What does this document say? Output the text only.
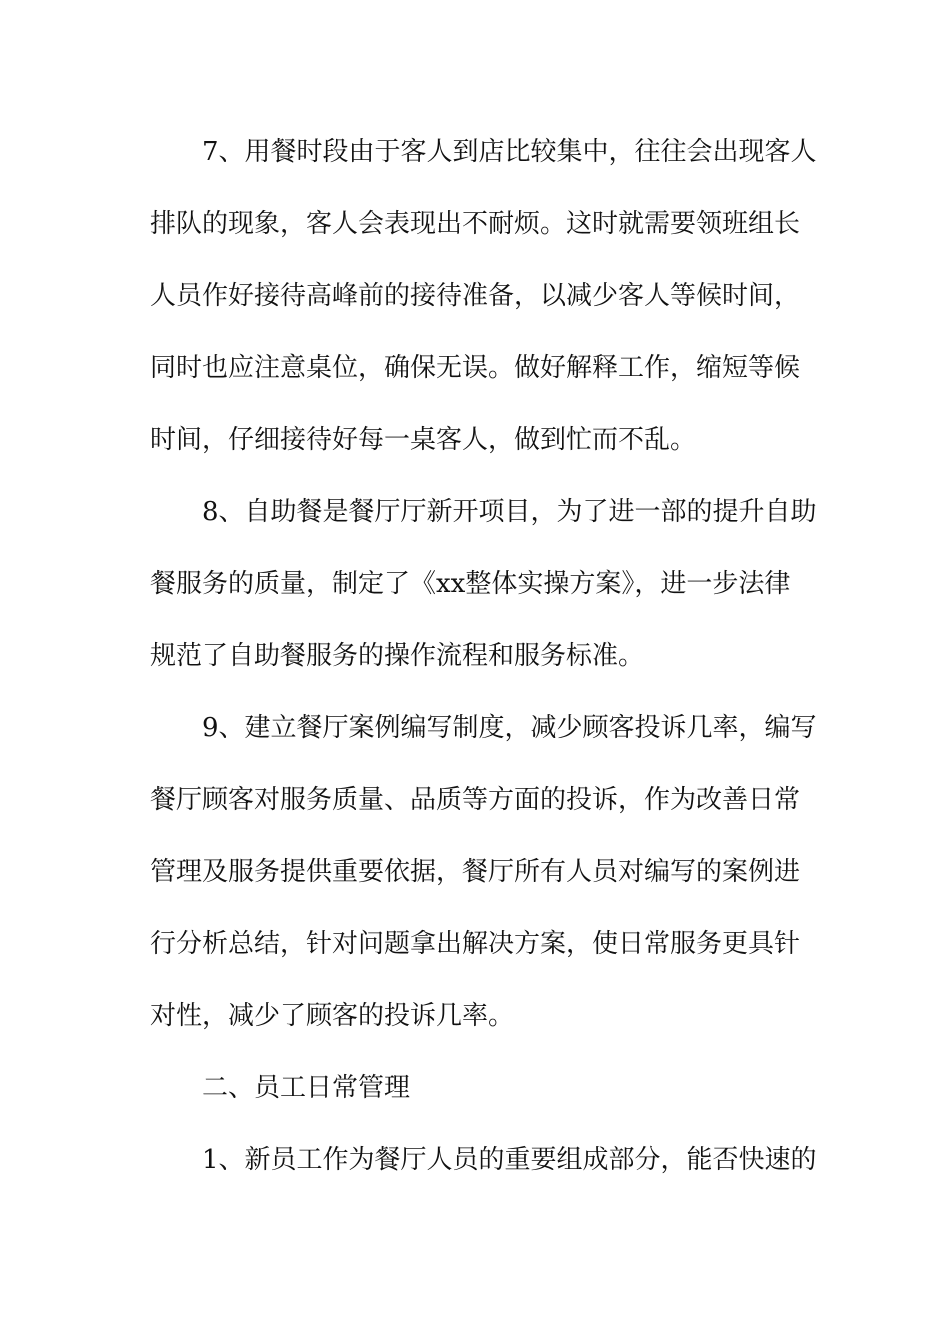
7、用餐时段由于客人到店比较集中，往往会出现客人
排队的现象，客人会表现出不耐烦。这时就需要领班组长
人员作好接待高峰前的接待准备，以减少客人等候时间，
同时也应注意桌位，确保无误。做好解释工作，缩短等候
时间，仔细接待好每一桌客人，做到忙而不乱。
8、自助餐是餐厅厅新开项目，为了进一部的提升自助
餐服务的质量，制定了《xx整体实操方案》，进一步法律
规范了自助餐服务的操作流程和服务标准。
9、建立餐厅案例编写制度，减少顾客投诉几率，编写
餐厅顾客对服务质量、品质等方面的投诉，作为改善日常
管理及服务提供重要依据，餐厅所有人员对编写的案例进
行分析总结，针对问题拿出解决方案，使日常服务更具针
对性，减少了顾客的投诉几率。
二、员工日常管理
1、新员工作为餐厅人员的重要组成部分，能否快速的
